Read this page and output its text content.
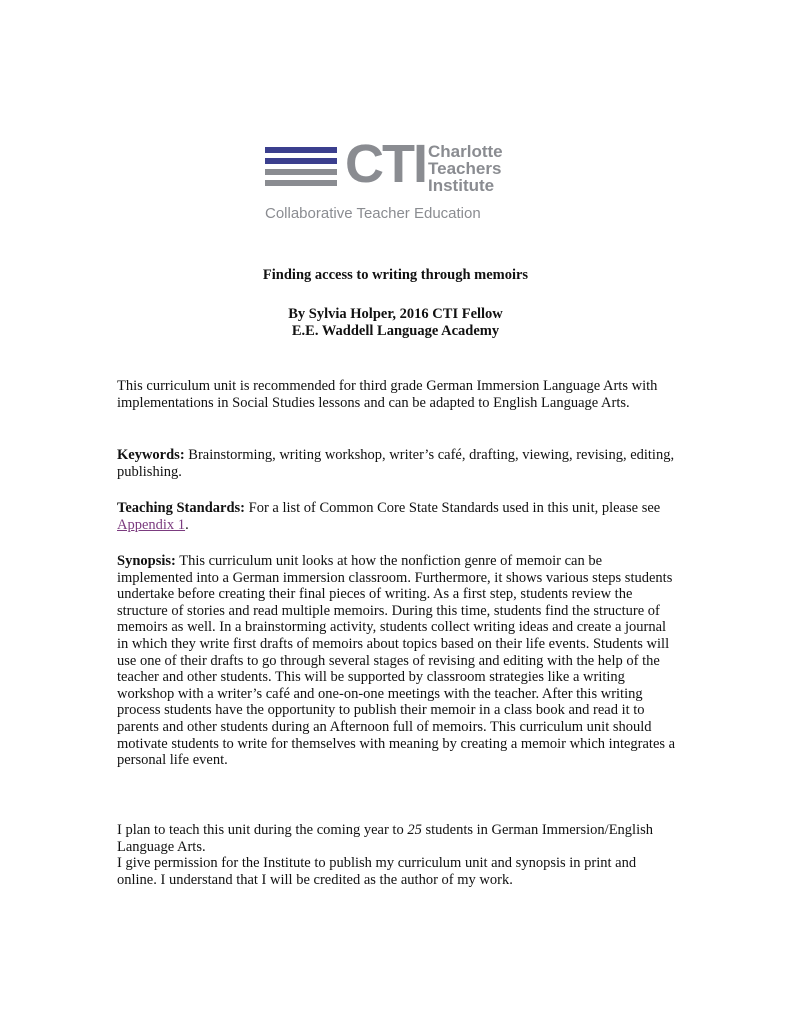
CTI Charlotte
Teachers
Institute
Collaborative Teacher Education
Finding access to writing through memoirs
By Sylvia Holper, 2016 CTI Fellow
E.E. Waddell Language Academy

This curriculum unit is recommended for third grade German Immersion Language Arts with implementations in Social Studies lessons and can be adapted to English Language Arts.

Keywords: Brainstorming, writing workshop, writer’s café, drafting, viewing, revising, editing, publishing.

Teaching Standards: For a list of Common Core State Standards used in this unit, please see Appendix 1.

Synopsis: This curriculum unit looks at how the nonfiction genre of memoir can be implemented into a German immersion classroom. Furthermore, it shows various steps students undertake before creating their final pieces of writing. As a first step, students review the structure of stories and read multiple memoirs. During this time, students find the structure of memoirs as well. In a brainstorming activity, students collect writing ideas and create a journal in which they write first drafts of memoirs about topics based on their life events. Students will use one of their drafts to go through several stages of revising and editing with the help of the teacher and other students. This will be supported by classroom strategies like a writing workshop with a writer’s café and one-on-one meetings with the teacher. After this writing process students have the opportunity to publish their memoir in a class book and read it to parents and other students during an Afternoon full of memoirs. This curriculum unit should motivate students to write for themselves with meaning by creating a memoir which integrates a personal life event.

I plan to teach this unit during the coming year to 25 students in German Immersion/English Language Arts.

I give permission for the Institute to publish my curriculum unit and synopsis in print and online. I understand that I will be credited as the author of my work.
